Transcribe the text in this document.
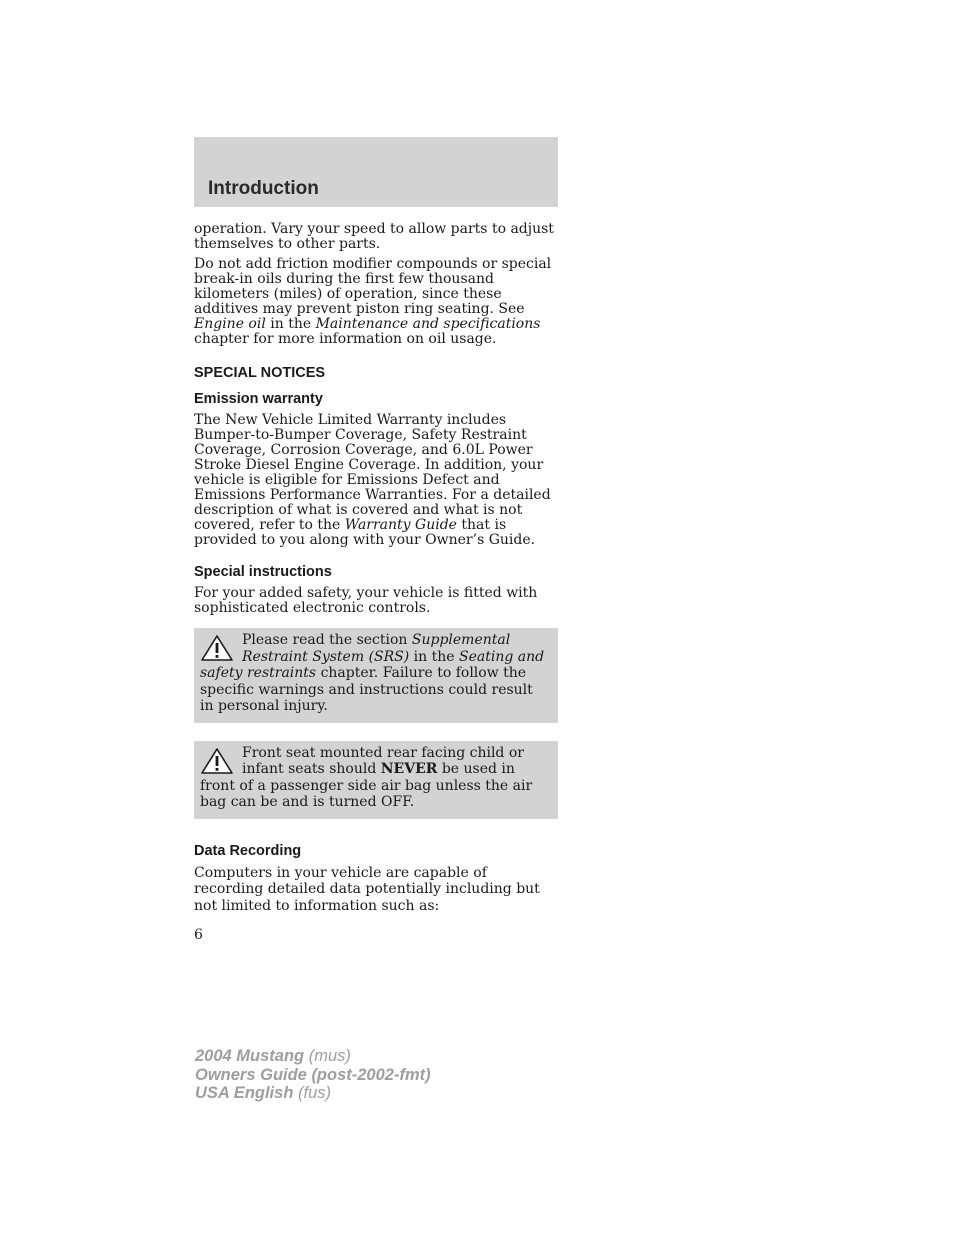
Introduction

operation. Vary your speed to allow parts to adjust themselves to other parts.

Do not add friction modifier compounds or special break-in oils during the first few thousand kilometers (miles) of operation, since these additives may prevent piston ring seating. See Engine oil in the Maintenance and specifications chapter for more information on oil usage.

SPECIAL NOTICES
Emission warranty

The New Vehicle Limited Warranty includes Bumper-to-Bumper Coverage, Safety Restraint Coverage, Corrosion Coverage, and 6.0L Power Stroke Diesel Engine Coverage. In addition, your vehicle is eligible for Emissions Defect and Emissions Performance Warranties. For a detailed description of what is covered and what is not covered, refer to the Warranty Guide that is provided to you along with your Owner’s Guide.

Special instructions

For your added safety, your vehicle is fitted with sophisticated electronic controls.

Please read the section Supplemental Restraint System (SRS) in the Seating and safety restraints chapter. Failure to follow the specific warnings and instructions could result in personal injury.
Front seat mounted rear facing child or infant seats should NEVER be used in front of a passenger side air bag unless the air bag can be and is turned OFF.
Data Recording

Computers in your vehicle are capable of recording detailed data potentially including but not limited to information such as:

6
2004 Mustang (mus)
Owners Guide (post-2002-fmt)
USA English (fus)
